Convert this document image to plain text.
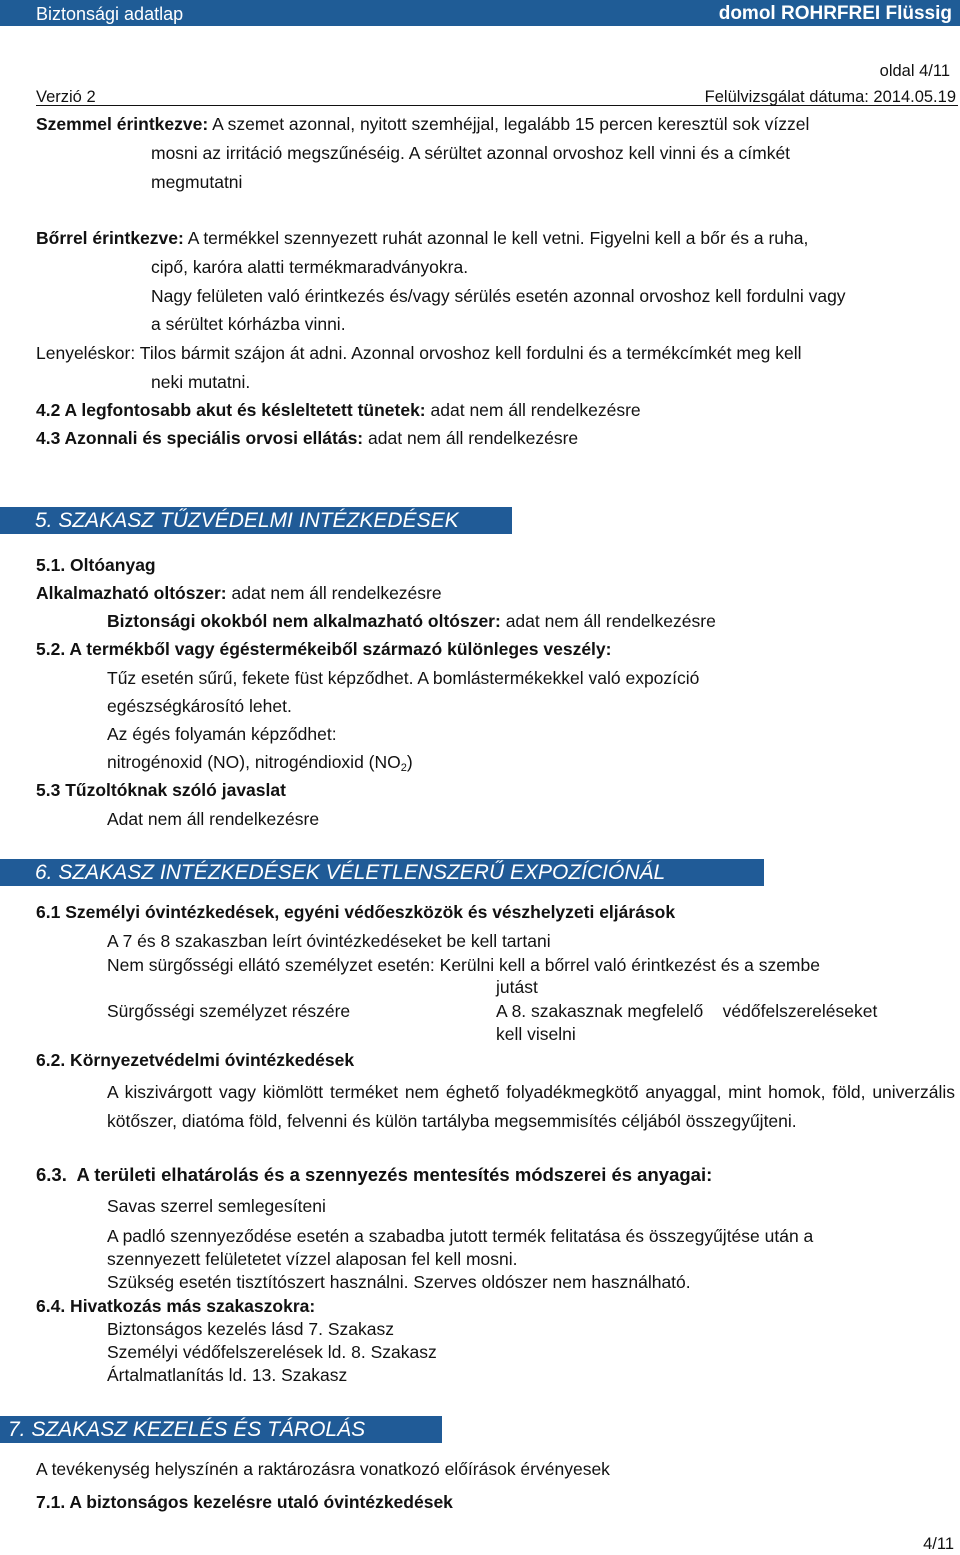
Biztonsági adatlap	domol ROHRFREI Flüssig
oldal 4/11
Verzió 2	Felülvizsgálat dátuma: 2014.05.19
Szemmel érintkezve: A szemet azonnal, nyitott szemhéjjal, legalább 15 percen keresztül sok vízzel
mosni az irritáció megszűnéséig. A sérültet azonnal orvoshoz kell vinni és a címkét
megmutatni
Bőrrel érintkezve: A termékkel szennyezett ruhát azonnal le kell vetni. Figyelni kell a bőr és a ruha,
cipő, karóra alatti termékmaradványokra.
Nagy felületen való érintkezés és/vagy sérülés esetén azonnal orvoshoz kell fordulni vagy
a sérültet kórházba vinni.
Lenyeléskor: Tilos bármit szájon át adni. Azonnal orvoshoz kell fordulni és a termékcímkét meg kell
neki mutatni.
4.2 A legfontosabb akut és késleltetett tünetek: adat nem áll rendelkezésre
4.3 Azonnali és speciális orvosi ellátás: adat nem áll rendelkezésre
5. SZAKASZ TŰZVÉDELMI INTÉZKEDÉSEK
5.1. Oltóanyag
Alkalmazható oltószer: adat nem áll rendelkezésre
Biztonsági okokból nem alkalmazható oltószer: adat nem áll rendelkezésre
5.2. A termékből vagy égéstermékeiből származó különleges veszély:
Tűz esetén sűrű, fekete füst képződhet. A bomlástermékekkel való expozíció
egészségkárosító lehet.
Az égés folyamán képződhet:
nitrogénoxid (NO), nitrogéndioxid $(NO_2)$
5.3 Tűzoltóknak szóló javaslat
Adat nem áll rendelkezésre
6. SZAKASZ INTÉZKEDÉSEK VÉLETLENSZERŰ EXPOZÍCIÓNÁL
6.1 Személyi óvintézkedések, egyéni védőeszközök és vészhelyzeti eljárások
A 7 és 8 szakaszban leírt óvintézkedéseket be kell tartani
Nem sürgősségi ellátó személyzet esetén: Kerülni kell a bőrrel való érintkezést és a szembe
jutást
Sürgősségi személyzet részére	A 8. szakasznak megfelelő    védőfelszereléseket
kell viselni
6.2. Környezetvédelmi óvintézkedések
A kiszivárgott vagy kiömlött terméket nem éghető folyadékmegkötő anyaggal, mint homok, föld, univerzális kötőszer, diatóma föld, felvenni és külön tartályba megsemmisítés céljából összegyűjteni.
6.3.  A területi elhatárolás és a szennyezés mentesítés módszerei és anyagai:
Savas szerrel semlegesíteni
A padló szennyeződése esetén a szabadba jutott termék felitatása és összegyűjtése után a
szennyezett felületetet vízzel alaposan fel kell mosni.
Szükség esetén tisztítószert használni. Szerves oldószer nem használható.
6.4. Hivatkozás más szakaszokra:
Biztonságos kezelés lásd 7. Szakasz
Személyi védőfelszerelések ld. 8. Szakasz
Ártalmatlanítás ld. 13. Szakasz
7. SZAKASZ KEZELÉS ÉS TÁROLÁS
A tevékenység helyszínén a raktározásra vonatkozó előírások érvényesek
7.1. A biztonságos kezelésre utaló óvintézkedések
4/11
